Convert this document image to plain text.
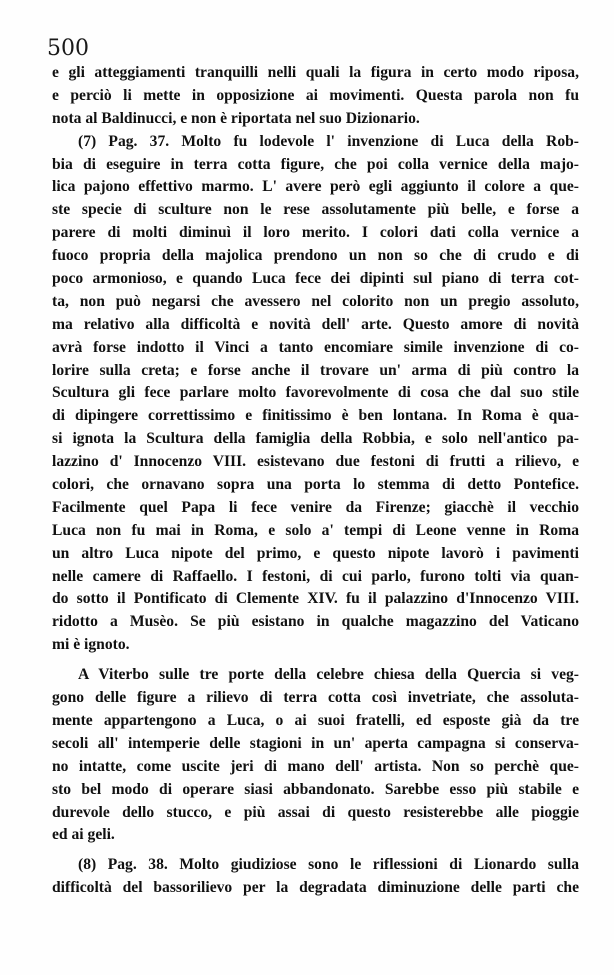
500
e gli atteggiamenti tranquilli nelli quali la figura in certo modo riposa,
e perciò li mette in opposizione ai movimenti. Questa parola non fu
nota al Baldinucci, e non è riportata nel suo Dizionario.
(7) Pag. 37. Molto fu lodevole l' invenzione di Luca della Rob-
bia di eseguire in terra cotta figure, che poi colla vernice della majo-
lica pajono effettivo marmo. L' avere però egli aggiunto il colore a que-
ste specie di sculture non le rese assolutamente più belle, e forse a
parere di molti diminuì il loro merito. I colori dati colla vernice a
fuoco propria della majolica prendono un non so che di crudo e di
poco armonioso, e quando Luca fece dei dipinti sul piano di terra cot-
ta, non può negarsi che avessero nel colorito non un pregio assoluto,
ma relativo alla difficoltà e novità dell' arte. Questo amore di novità
avrà forse indotto il Vinci a tanto encomiare simile invenzione di co-
lorire sulla creta; e forse anche il trovare un' arma di più contro la
Scultura gli fece parlare molto favorevolmente di cosa che dal suo stile
di dipingere correttissimo e finitissimo è ben lontana. In Roma è qua-
si ignota la Scultura della famiglia della Robbia, e solo nell'antico pa-
lazzino d' Innocenzo VIII. esistevano due festoni di frutti a rilievo, e
colori, che ornavano sopra una porta lo stemma di detto Pontefice.
Facilmente quel Papa li fece venire da Firenze; giacchè il vecchio
Luca non fu mai in Roma, e solo a' tempi di Leone venne in Roma
un altro Luca nipote del primo, e questo nipote lavorò i pavimenti
nelle camere di Raffaello. I festoni, di cui parlo, furono tolti via quan-
do sotto il Pontificato di Clemente XIV. fu il palazzino d'Innocenzo VIII.
ridotto a Musèo. Se più esistano in qualche magazzino del Vaticano
mi è ignoto.
A Viterbo sulle tre porte della celebre chiesa della Quercia si veg-
gono delle figure a rilievo di terra cotta così invetriate, che assoluta-
mente appartengono a Luca, o ai suoi fratelli, ed esposte già da tre
secoli all' intemperie delle stagioni in un' aperta campagna si conserva-
no intatte, come uscite jeri di mano dell' artista. Non so perchè que-
sto bel modo di operare siasi abbandonato. Sarebbe esso più stabile e
durevole dello stucco, e più assai di questo resisterebbe alle pioggie
ed ai geli.
(8) Pag. 38. Molto giudiziose sono le riflessioni di Lionardo sulla
difficoltà del bassorilievo per la degradata diminuzione delle parti che
